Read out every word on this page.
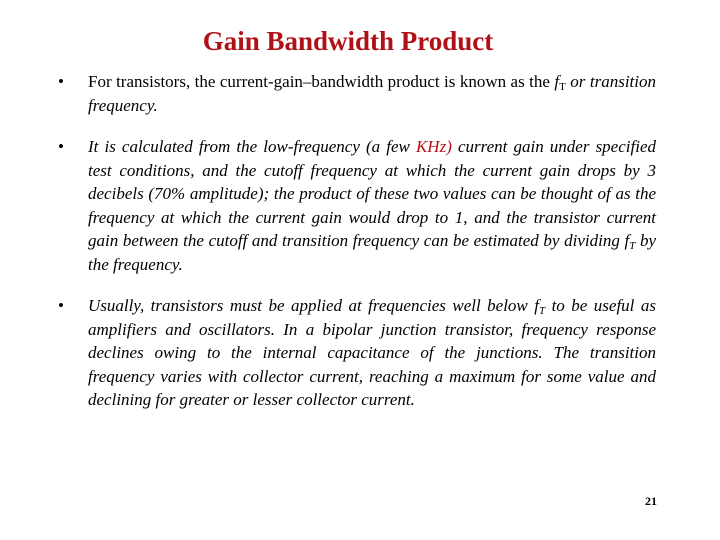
Gain Bandwidth Product
•	For transistors, the current-gain–bandwidth product is known as the $f_T$ or transition frequency.
•	It is calculated from the low-frequency (a few KHz) current gain under specified test conditions, and the cutoff frequency at which the current gain drops by 3 decibels (70% amplitude); the product of these two values can be thought of as the frequency at which the current gain would drop to 1, and the transistor current gain between the cutoff and transition frequency can be estimated by dividing $f_T$ by the frequency.
•	Usually, transistors must be applied at frequencies well below $f_T$ to be useful as amplifiers and oscillators. In a bipolar junction transistor, frequency response declines owing to the internal capacitance of the junctions. The transition frequency varies with collector current, reaching a maximum for some value and declining for greater or lesser collector current.
21
